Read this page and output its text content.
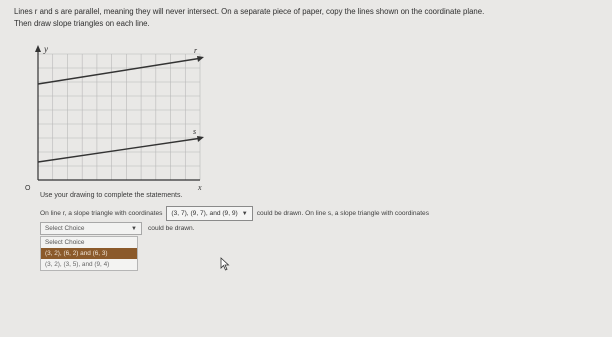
Lines r and s are parallel, meaning they will never intersect. On a separate piece of paper, copy the lines shown on the coordinate plane.
Then draw slope triangles on each line.
y	r
s
O	x
Use your drawing to complete the statements.
On line r, a slope triangle with coordinates (3, 7), (9, 7), and (9, 9) ▼ could be drawn. On line s, a slope triangle with coordinates
Select Choice	▼ could be drawn.
Select Choice
(3, 2), (6, 2) and (6, 3)
(3, 2), (3, 5), and (9, 4)
